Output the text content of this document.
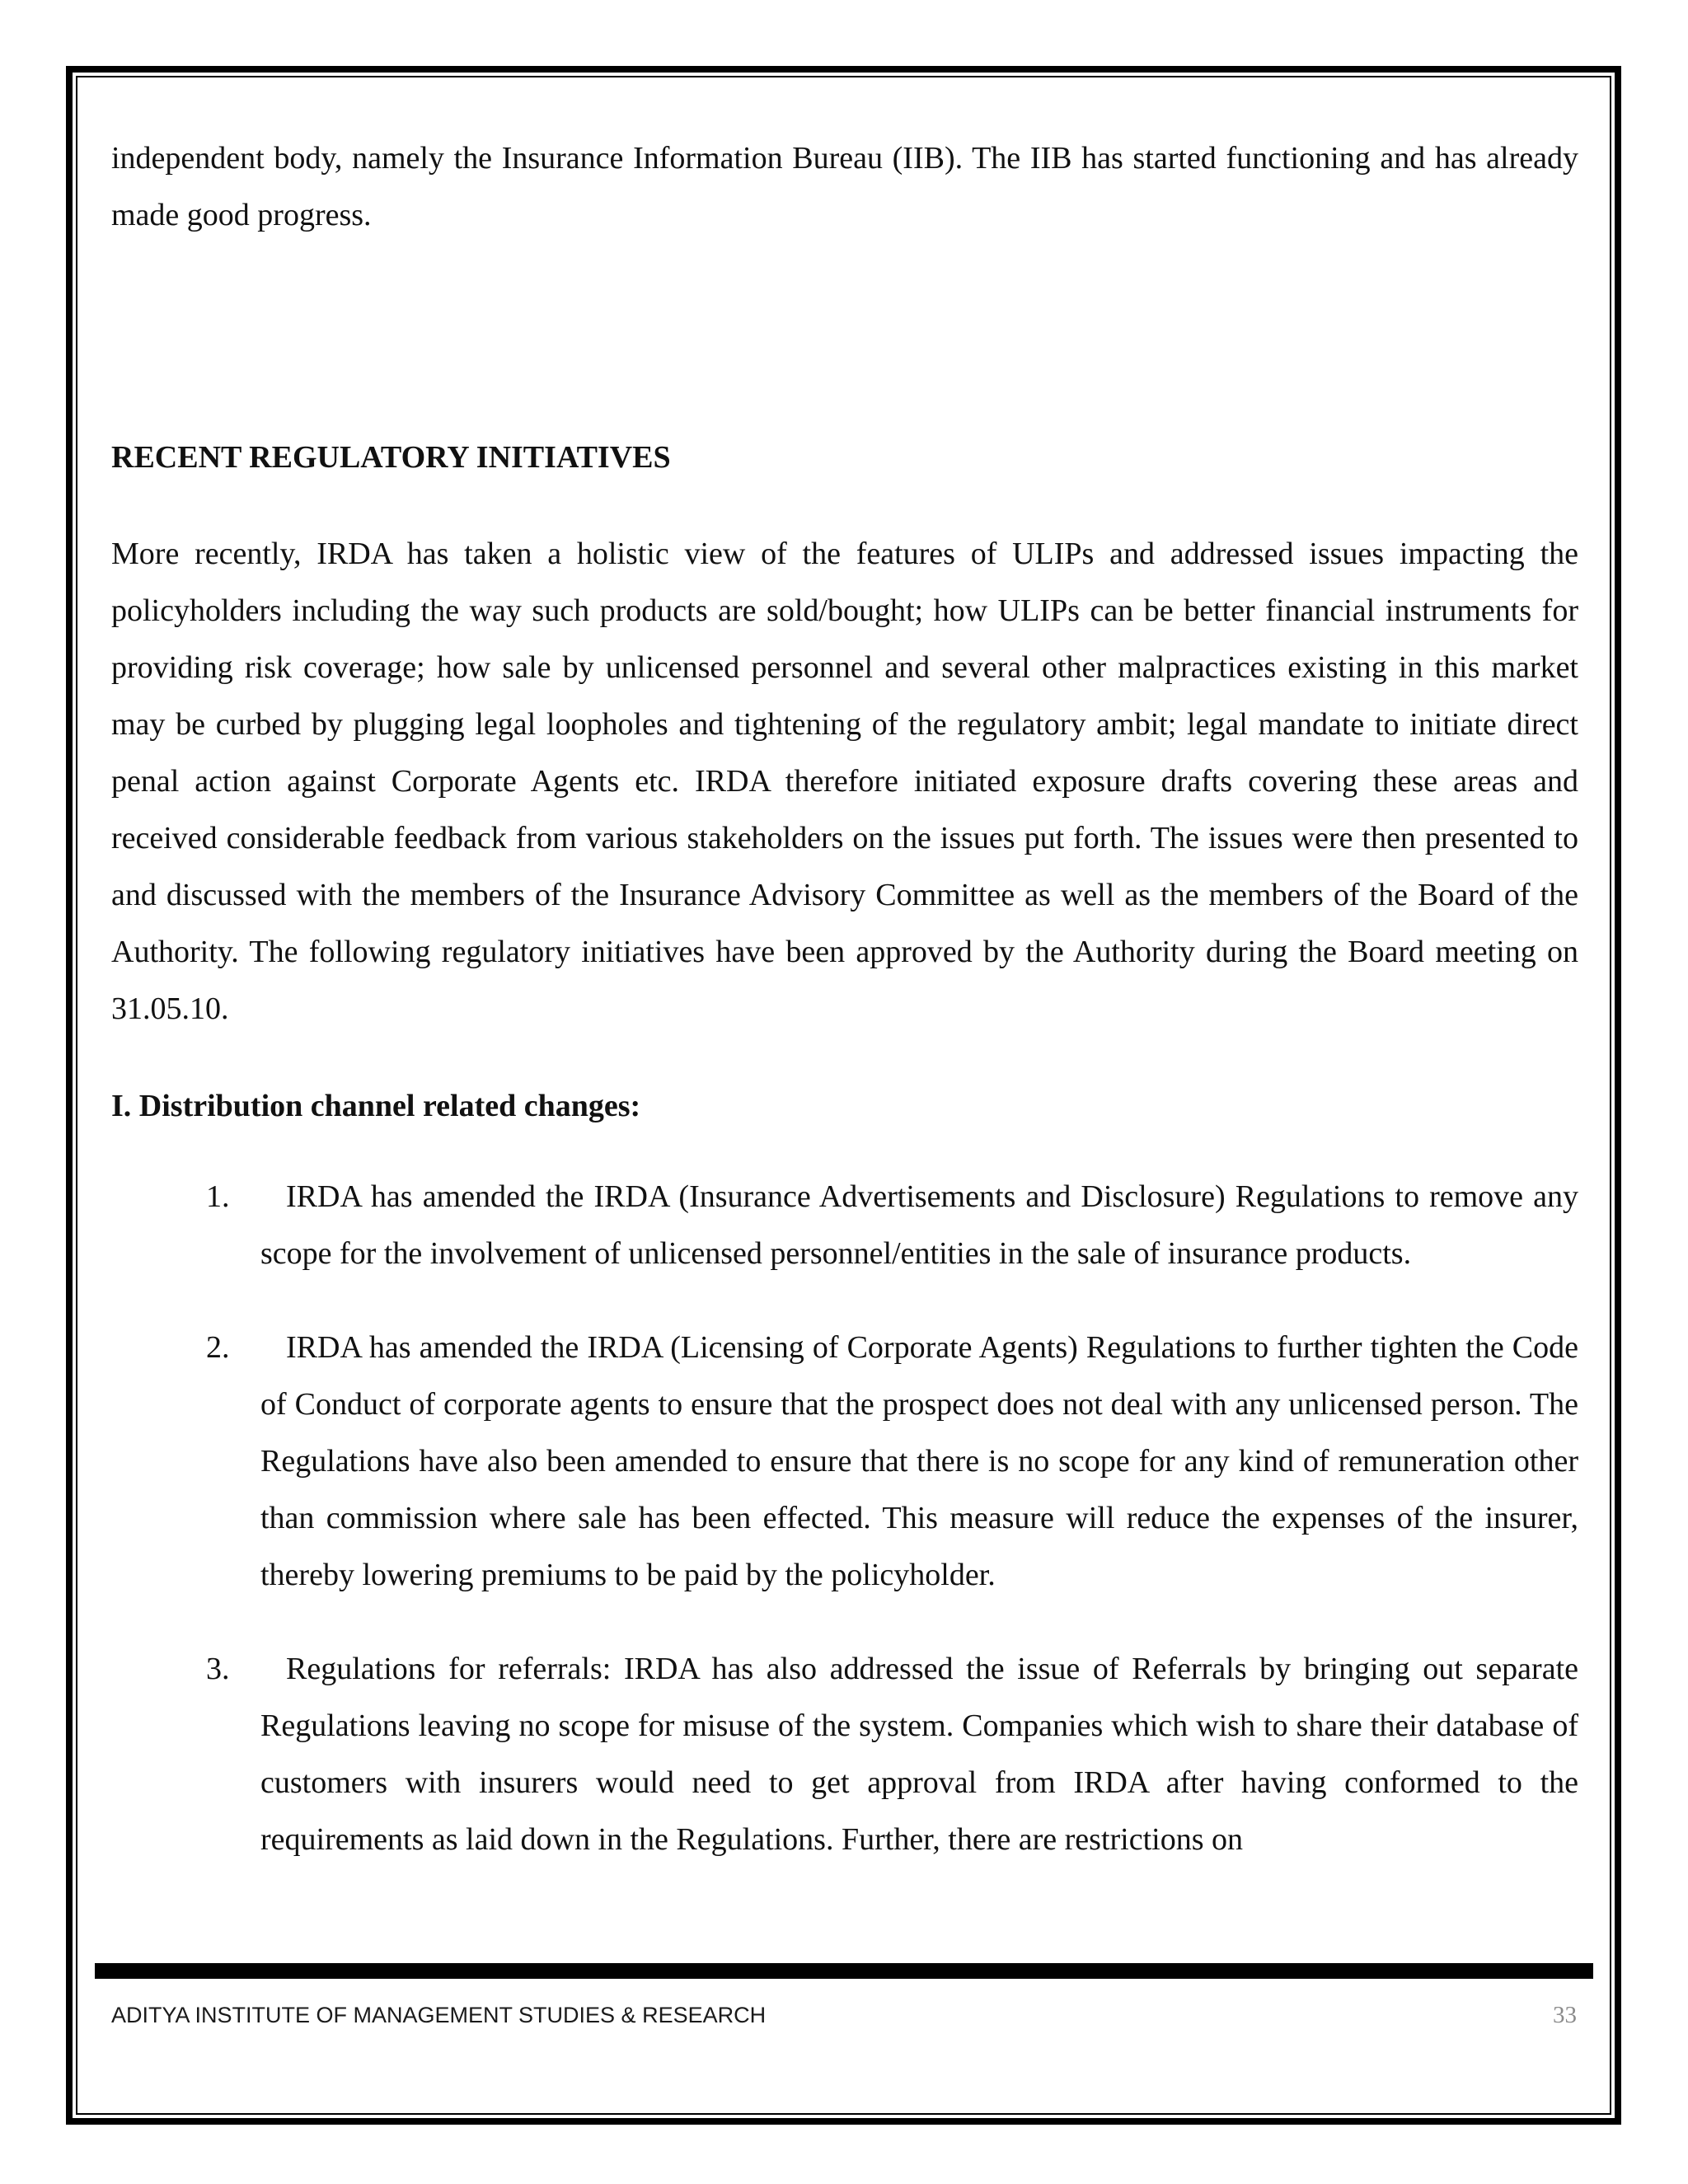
independent body, namely the Insurance Information Bureau (IIB). The IIB has started functioning and has already made good progress.

RECENT REGULATORY INITIATIVES

More recently, IRDA has taken a holistic view of the features of ULIPs and addressed issues impacting the policyholders including the way such products are sold/bought; how ULIPs can be better financial instruments for providing risk coverage; how sale by unlicensed personnel and several other malpractices existing in this market may be curbed by plugging legal loopholes and tightening of the regulatory ambit; legal mandate to initiate direct penal action against Corporate Agents etc. IRDA therefore initiated exposure drafts covering these areas and received considerable feedback from various stakeholders on the issues put forth. The issues were then presented to and discussed with the members of the Insurance Advisory Committee as well as the members of the Board of the Authority. The following regulatory initiatives have been approved by the Authority during the Board meeting on 31.05.10.

I. Distribution channel related changes:
1. IRDA has amended the IRDA (Insurance Advertisements and Disclosure) Regulations to remove any scope for the involvement of unlicensed personnel/entities in the sale of insurance products.
2. IRDA has amended the IRDA (Licensing of Corporate Agents) Regulations to further tighten the Code of Conduct of corporate agents to ensure that the prospect does not deal with any unlicensed person. The Regulations have also been amended to ensure that there is no scope for any kind of remuneration other than commission where sale has been effected. This measure will reduce the expenses of the insurer, thereby lowering premiums to be paid by the policyholder.
3. Regulations for referrals: IRDA has also addressed the issue of Referrals by bringing out separate Regulations leaving no scope for misuse of the system. Companies which wish to share their database of customers with insurers would need to get approval from IRDA after having conformed to the requirements as laid down in the Regulations. Further, there are restrictions on
ADITYA INSTITUTE OF MANAGEMENT STUDIES & RESEARCH	33
